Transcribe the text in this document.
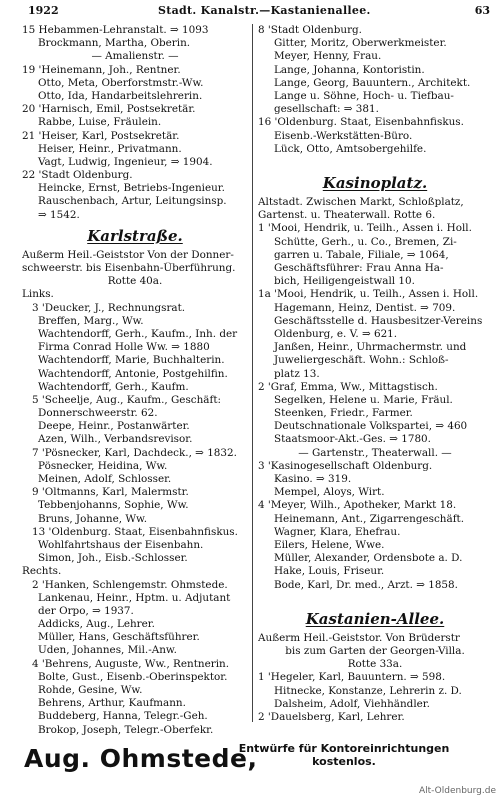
1922	Stadt. Kanalstr.—Kastanienallee.	63
15 Hebammen-Lehranstalt. ⇒ 1093
Brockmann, Martha, Oberin.
— Amalienstr. —
19 'Heinemann, Joh., Rentner.
Otto, Meta, Oberforstmstr.-Ww.
Otto, Ida, Handarbeitslehrerin.
20 'Harnisch, Emil, Postsekretär.
Rabbe, Luise, Fräulein.
21 'Heiser, Karl, Postsekretär.
Heiser, Heinr., Privatmann.
Vagt, Ludwig, Ingenieur, ⇒ 1904.
22 'Stadt Oldenburg.
Heincke, Ernst, Betriebs-Ingenieur.
Rauschenbach, Artur, Leitungsinsp.
⇒ 1542.
Karlstraße.
Außerm Heil.-Geiststor Von der Donner-
schweerstr. bis Eisenbahn-Überführung.
Rotte 40a.
Links.
3 'Deucker, J., Rechnungsrat.
Breffen, Marg., Ww.
Wachtendorff, Gerh., Kaufm., Inh. der
Firma Conrad Holle Ww. ⇒ 1880
Wachtendorff, Marie, Buchhalterin.
Wachtendorff, Antonie, Postgehilfin.
Wachtendorff, Gerh., Kaufm.
5 'Scheelje, Aug., Kaufm., Geschäft:
Donnerschweerstr. 62.
Deepe, Heinr., Postanwärter.
Azen, Wilh., Verbandsrevisor.
7 'Pösnecker, Karl, Dachdeck., ⇒ 1832.
Pösnecker, Heidina, Ww.
Meinen, Adolf, Schlosser.
9 'Oltmanns, Karl, Malermstr.
Tebbenjohanns, Sophie, Ww.
Bruns, Johanne, Ww.
13 'Oldenburg. Staat, Eisenbahnfiskus.
Wohlfahrtshaus der Eisenbahn.
Simon, Joh., Eisb.-Schlosser.
Rechts.
2 'Hanken, Schlengemstr. Ohmstede.
Lankenau, Heinr., Hptm. u. Adjutant
der Orpo, ⇒ 1937.
Addicks, Aug., Lehrer.
Müller, Hans, Geschäftsführer.
Uden, Johannes, Mil.-Anw.
4 'Behrens, Auguste, Ww., Rentnerin.
Bolte, Gust., Eisenb.-Oberinspektor.
Rohde, Gesine, Ww.
Behrens, Arthur, Kaufmann.
Buddeberg, Hanna, Telegr.-Geh.
Brokop, Joseph, Telegr.-Oberfekr.
8 'Stadt Oldenburg.
Gitter, Moritz, Oberwerkmeister.
Meyer, Henny, Frau.
Lange, Johanna, Kontoristin.
Lange, Georg, Bauuntern., Architekt.
Lange u. Söhne, Hoch- u. Tiefbau-
gesellschaft: ⇒ 381.
16 'Oldenburg. Staat, Eisenbahnfiskus.
Eisenb.-Werkstätten-Büro.
Lück, Otto, Amtsobergehilfe.
Kasinoplatz.
Altstadt. Zwischen Markt, Schloßplatz,
Gartenst. u. Theaterwall. Rotte 6.
1 'Mooi, Hendrik, u. Teilh., Assen i. Holl.
Schütte, Gerh., u. Co., Bremen, Zi-
garren u. Tabale, Filiale, ⇒ 1064,
Geschäftsführer: Frau Anna Ha-
bich, Heiligengeistwall 10.
1a 'Mooi, Hendrik, u. Teilh., Assen i. Holl.
Hagemann, Heinz, Dentist. ⇒ 709.
Geschäftsstelle d. Hausbesitzer-Vereins
Oldenburg, e. V. ⇒ 621.
Janßen, Heinr., Uhrmachermstr. und
Juweliergeschäft. Wohn.: Schloß-
platz 13.
2 'Graf, Emma, Ww., Mittagstisch.
Segelken, Helene u. Marie, Fräul.
Steenken, Friedr., Farmer.
Deutschnationale Volkspartei, ⇒ 460
Staatsmoor-Akt.-Ges. ⇒ 1780.
— Gartenstr., Theaterwall. —
3 'Kasinogesellschaft Oldenburg.
Kasino. ⇒ 319.
Mempel, Aloys, Wirt.
4 'Meyer, Wilh., Apotheker, Markt 18.
Heinemann, Ant., Zigarrengeschäft.
Wagner, Klara, Ehefrau.
Eilers, Helene, Wwe.
Müller, Alexander, Ordensbote a. D.
Hake, Louis, Friseur.
Bode, Karl, Dr. med., Arzt. ⇒ 1858.
Kastanien-Allee.
Außerm Heil.-Geiststor. Von Brüderstr
bis zum Garten der Georgen-Villa.
Rotte 33a.
1 'Hegeler, Karl, Bauuntern. ⇒ 598.
Hitnecke, Konstanze, Lehrerin z. D.
Dalsheim, Adolf, Viehhändler.
2 'Dauelsberg, Karl, Lehrer.
Aug. Ohmstede,
Entwürfe für Kontoreinrichtungen
kostenlos.
Alt-Oldenburg.de
